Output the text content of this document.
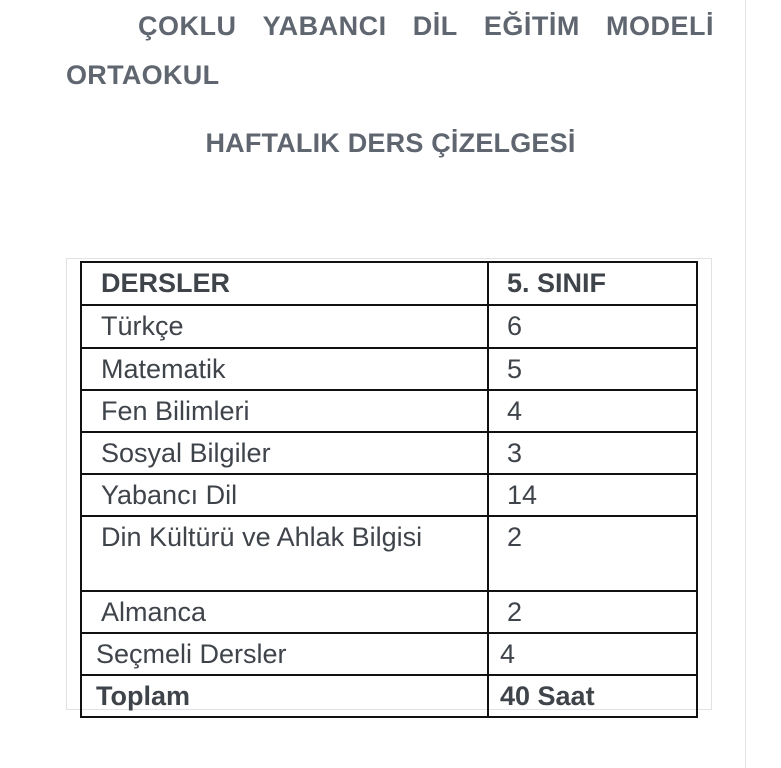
ÇOKLU YABANCI DİL EĞİTİM MODELİ
ORTAOKUL
HAFTALIK DERS ÇİZELGESİ
DERSLER	5. SINIF
Türkçe	6
Matematik	5
Fen Bilimleri	4
Sosyal Bilgiler	3
Yabancı Dil	14
Din Kültürü ve Ahlak Bilgisi	2
Almanca	2
Seçmeli Dersler	4
Toplam	40 Saat
